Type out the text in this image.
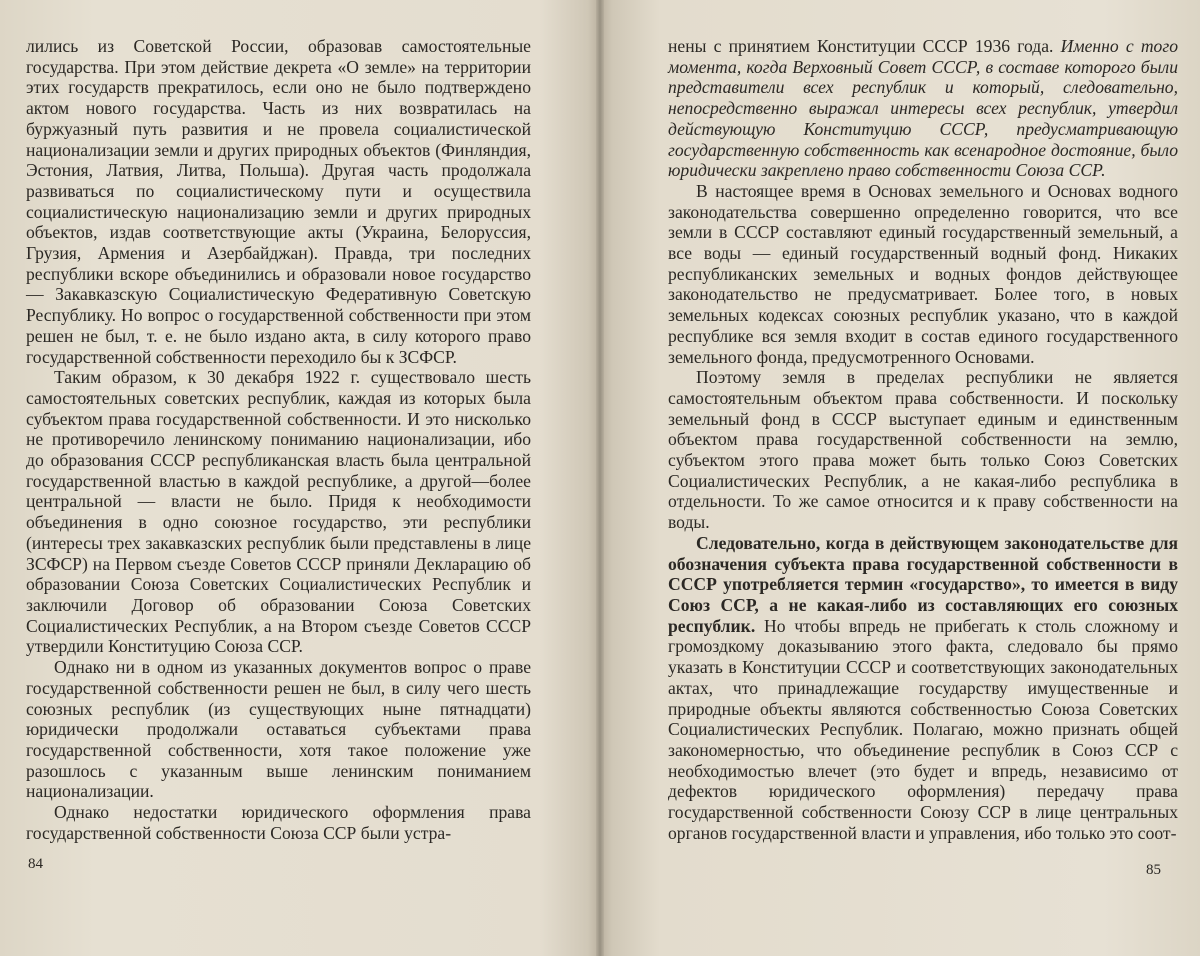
лились из Советской России, образовав самостоятельные государства. При этом действие декрета «О земле» на территории этих государств прекратилось, если оно не было подтверждено актом нового государства. Часть из них возвратилась на буржуазный путь развития и не провела социалистической национализации земли и других природных объектов (Финляндия, Эстония, Латвия, Литва, Польша). Другая часть продолжала развиваться по социалистическому пути и осуществила социалистическую национализацию земли и других природных объектов, издав соответствующие акты (Украина, Белоруссия, Грузия, Армения и Азербайджан). Правда, три последних республики вскоре объединились и образовали новое государство — Закавказскую Социалистическую Федеративную Советскую Республику. Но вопрос о государственной собственности при этом решен не был, т. е. не было издано акта, в силу которого право государственной собственности переходило бы к ЗСФСР.

Таким образом, к 30 декабря 1922 г. существовало шесть самостоятельных советских республик, каждая из которых была субъектом права государственной собственности. И это нисколько не противоречило ленинскому пониманию национализации, ибо до образования СССР республиканская власть была центральной государственной властью в каждой республике, а другой—более центральной — власти не было. Придя к необходимости объединения в одно союзное государство, эти республики (интересы трех закавказских республик были представлены в лице ЗСФСР) на Первом съезде Советов СССР приняли Декларацию об образовании Союза Советских Социалистических Республик и заключили Договор об образовании Союза Советских Социалистических Республик, а на Втором съезде Советов СССР утвердили Конституцию Союза ССР.

Однако ни в одном из указанных документов вопрос о праве государственной собственности решен не был, в силу чего шесть союзных республик (из существующих ныне пятнадцати) юридически продолжали оставаться субъектами права государственной собственности, хотя такое положение уже разошлось с указанным выше ленинским пониманием национализации.

Однако недостатки юридического оформления права государственной собственности Союза ССР были устра-

84

нены с принятием Конституции СССР 1936 года. Именно с того момента, когда Верховный Совет СССР, в составе которого были представители всех республик и который, следовательно, непосредственно выражал интересы всех республик, утвердил действующую Конституцию СССР, предусматривающую государственную собственность как всенародное достояние, было юридически закреплено право собственности Союза ССР.

В настоящее время в Основах земельного и Основах водного законодательства совершенно определенно говорится, что все земли в СССР составляют единый государственный земельный, а все воды — единый государственный водный фонд. Никаких республиканских земельных и водных фондов действующее законодательство не предусматривает. Более того, в новых земельных кодексах союзных республик указано, что в каждой республике вся земля входит в состав единого государственного земельного фонда, предусмотренного Основами.

Поэтому земля в пределах республики не является самостоятельным объектом права собственности. И поскольку земельный фонд в СССР выступает единым и единственным объектом права государственной собственности на землю, субъектом этого права может быть только Союз Советских Социалистических Республик, а не какая-либо республика в отдельности. То же самое относится и к праву собственности на воды.

Следовательно, когда в действующем законодательстве для обозначения субъекта права государственной собственности в СССР употребляется термин «государство», то имеется в виду Союз ССР, а не какая-либо из составляющих его союзных республик. Но чтобы впредь не прибегать к столь сложному и громоздкому доказыванию этого факта, следовало бы прямо указать в Конституции СССР и соответствующих законодательных актах, что принадлежащие государству имущественные и природные объекты являются собственностью Союза Советских Социалистических Республик. Полагаю, можно признать общей закономерностью, что объединение республик в Союз ССР с необходимостью влечет (это будет и впредь, независимо от дефектов юридического оформления) передачу права государственной собственности Союзу ССР в лице центральных органов государственной власти и управления, ибо только это соот-

85
